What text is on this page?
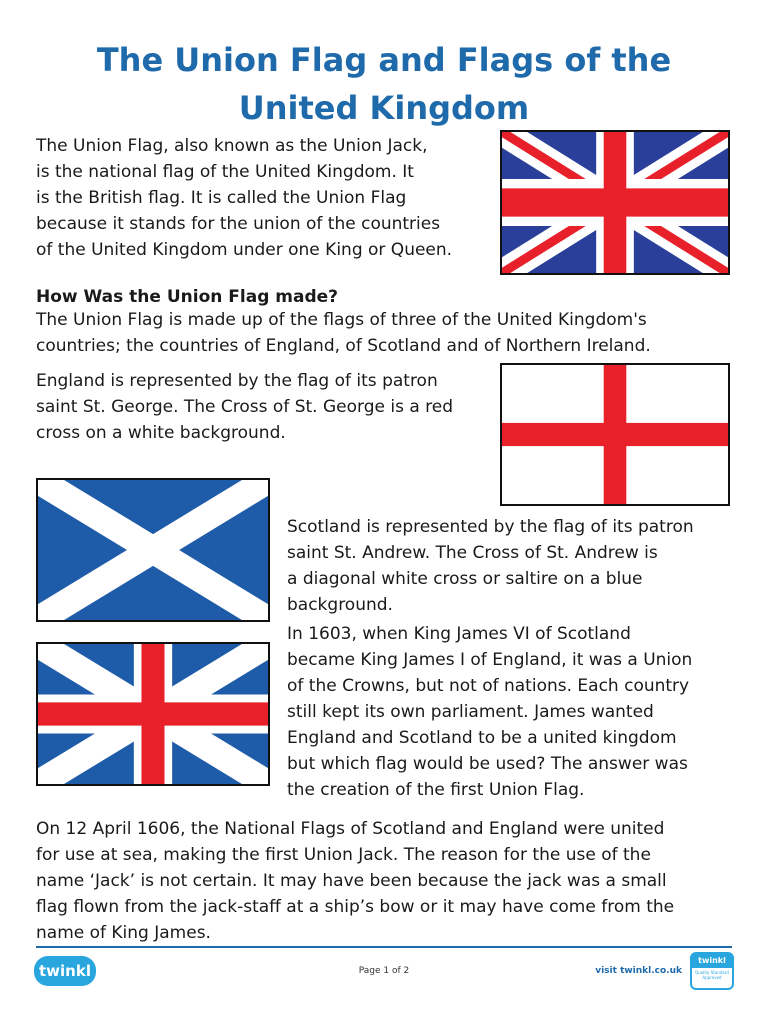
The Union Flag and Flags of the
United Kingdom
The Union Flag, also known as the Union Jack,
is the national flag of the United Kingdom. It
is the British flag. It is called the Union Flag
because it stands for the union of the countries
of the United Kingdom under one King or Queen.
How Was the Union Flag made?
The Union Flag is made up of the flags of three of the United Kingdom's
countries; the countries of England, of Scotland and of Northern Ireland.
England is represented by the flag of its patron
saint St. George. The Cross of St. George is a red
cross on a white background.
Scotland is represented by the flag of its patron
saint St. Andrew. The Cross of St. Andrew is
a diagonal white cross or saltire on a blue
background.
In 1603, when King James VI of Scotland
became King James I of England, it was a Union
of the Crowns, but not of nations. Each country
still kept its own parliament. James wanted
England and Scotland to be a united kingdom
but which flag would be used? The answer was
the creation of the first Union Flag.
On 12 April 1606, the National Flags of Scotland and England were united
for use at sea, making the first Union Jack. The reason for the use of the
name ‘Jack’ is not certain. It may have been because the jack was a small
flag flown from the jack-staff at a ship’s bow or it may have come from the
name of King James.
twinkl	Page 1 of 2	visit twinkl.co.uk
twinkl
Quality Standard Approved
